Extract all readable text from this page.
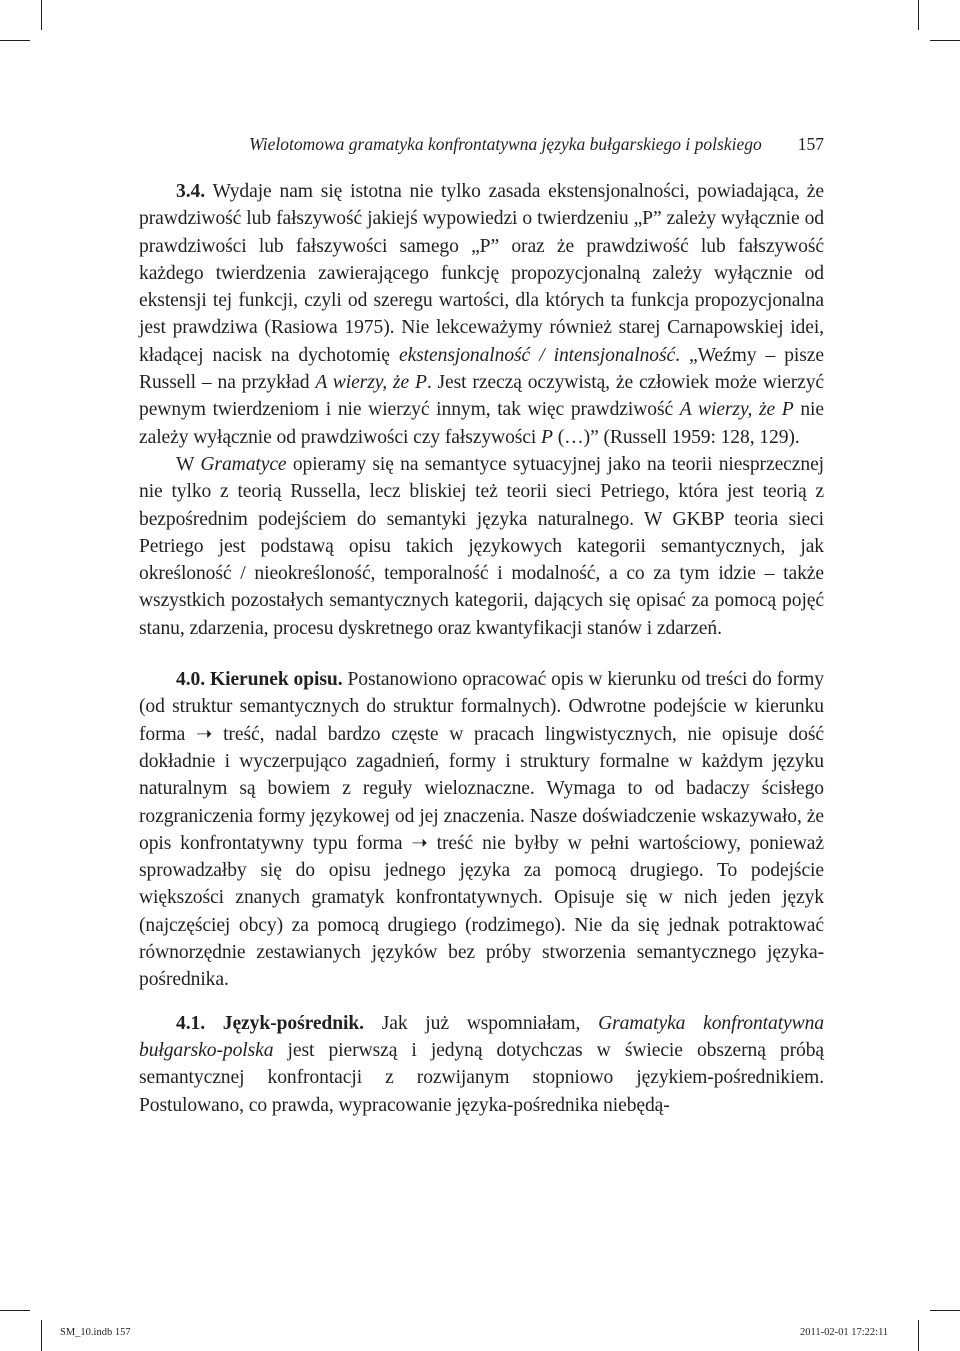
Wielotomowa gramatyka konfrontatywna języka bułgarskiego i polskiego 157

3.4. Wydaje nam się istotna nie tylko zasada ekstensjonalności, powiadająca, że prawdziwość lub fałszywość jakiejś wypowiedzi o twierdzeniu „P” zależy wyłącznie od prawdziwości lub fałszywości samego „P” oraz że prawdziwość lub fałszywość każdego twierdzenia zawierającego funkcję propozycjonalną zależy wyłącznie od ekstensji tej funkcji, czyli od szeregu wartości, dla których ta funkcja propozycjonalna jest prawdziwa (Rasiowa 1975). Nie lekceważymy również starej Carnapowskiej idei, kładącej nacisk na dychotomię ekstensjonalność / intensjonalność. „Weźmy – pisze Russell – na przykład A wierzy, że P. Jest rzeczą oczywistą, że człowiek może wierzyć pewnym twierdzeniom i nie wierzyć innym, tak więc prawdziwość A wierzy, że P nie zależy wyłącznie od prawdziwości czy fałszywości P (…)” (Russell 1959: 128, 129).

W Gramatyce opieramy się na semantyce sytuacyjnej jako na teorii niesprzecznej nie tylko z teorią Russella, lecz bliskiej też teorii sieci Petriego, która jest teorią z bezpośrednim podejściem do semantyki języka naturalnego. W GKBP teoria sieci Petriego jest podstawą opisu takich językowych kategorii semantycznych, jak określoność / nieokreśloność, temporalność i modalność, a co za tym idzie – także wszystkich pozostałych semantycznych kategorii, dających się opisać za pomocą pojęć stanu, zdarzenia, procesu dyskretnego oraz kwantyfikacji stanów i zdarzeń.

4.0. Kierunek opisu. Postanowiono opracować opis w kierunku od treści do formy (od struktur semantycznych do struktur formalnych). Odwrotne podejście w kierunku forma ➝ treść, nadal bardzo częste w pracach lingwistycznych, nie opisuje dość dokładnie i wyczerpująco zagadnień, formy i struktury formalne w każdym języku naturalnym są bowiem z reguły wieloznaczne. Wymaga to od badaczy ścisłego rozgraniczenia formy językowej od jej znaczenia. Nasze doświadczenie wskazywało, że opis konfrontatywny typu forma ➝ treść nie byłby w pełni wartościowy, ponieważ sprowadzałby się do opisu jednego języka za pomocą drugiego. To podejście większości znanych gramatyk konfrontatywnych. Opisuje się w nich jeden język (najczęściej obcy) za pomocą drugiego (rodzimego). Nie da się jednak potraktować równorzędnie zestawianych języków bez próby stworzenia semantycznego języka-pośrednika.

4.1. Język-pośrednik. Jak już wspomniałam, Gramatyka konfrontatywna bułgarsko-polska jest pierwszą i jedyną dotychczas w świecie obszerną próbą semantycznej konfrontacji z rozwijanym stopniowo językiem-pośrednikiem. Postulowano, co prawda, wypracowanie języka-pośrednika niebędą-

SM_10.indb 157	2011-02-01 17:22:11
